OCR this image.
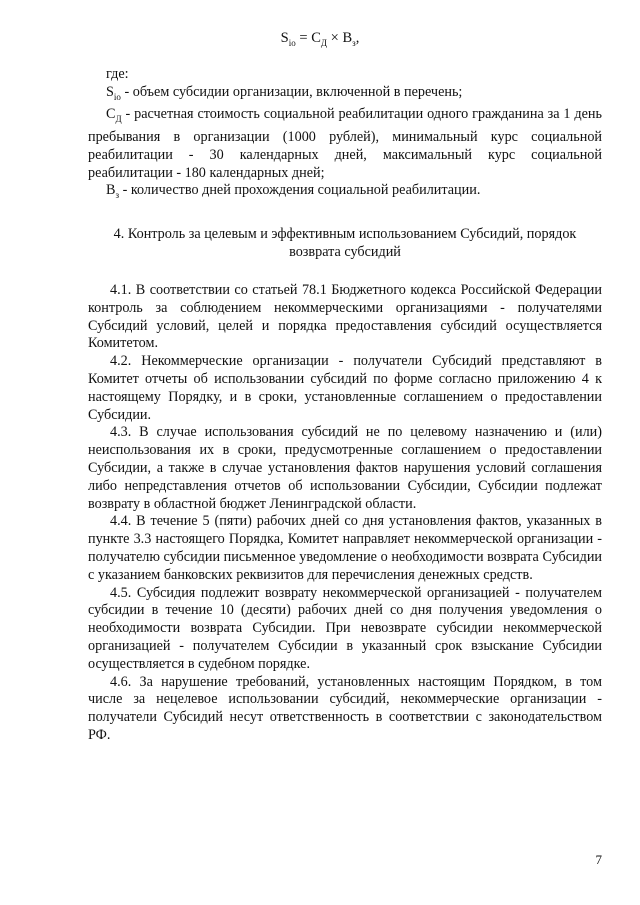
$S_{io} = C_Д \times B_з$,

где:

$S_{io}$ - объем субсидии организации, включенной в перечень;

$C_Д$ - расчетная стоимость социальной реабилитации одного гражданина за 1 день пребывания в организации (1000 рублей), минимальный курс социальной реабилитации - 30 календарных дней, максимальный курс социальной реабилитации - 180 календарных дней;

$B_з$ - количество дней прохождения социальной реабилитации.

4. Контроль за целевым и эффективным использованием Субсидий, порядок возврата субсидий

4.1. В соответствии со статьей 78.1 Бюджетного кодекса Российской Федерации контроль за соблюдением некоммерческими организациями - получателями Субсидий условий, целей и порядка предоставления субсидий осуществляется Комитетом.

4.2. Некоммерческие организации - получатели Субсидий представляют в Комитет отчеты об использовании субсидий по форме согласно приложению 4 к настоящему Порядку, и в сроки, установленные соглашением о предоставлении Субсидии.

4.3. В случае использования субсидий не по целевому назначению и (или) неиспользования их в сроки, предусмотренные соглашением о предоставлении Субсидии, а также в случае установления фактов нарушения условий соглашения либо непредставления отчетов об использовании Субсидии, Субсидии подлежат возврату в областной бюджет Ленинградской области.

4.4. В течение 5 (пяти) рабочих дней со дня установления фактов, указанных в пункте 3.3 настоящего Порядка, Комитет направляет некоммерческой организации - получателю субсидии письменное уведомление о необходимости возврата Субсидии с указанием банковских реквизитов для перечисления денежных средств.

4.5. Субсидия подлежит возврату некоммерческой организацией - получателем субсидии в течение 10 (десяти) рабочих дней со дня получения уведомления о необходимости возврата Субсидии. При невозврате субсидии некоммерческой организацией - получателем Субсидии в указанный срок взыскание Субсидии осуществляется в судебном порядке.

4.6. За нарушение требований, установленных настоящим Порядком, в том числе за нецелевое использовании субсидий, некоммерческие организации - получатели Субсидий несут ответственность в соответствии с законодательством РФ.

7
